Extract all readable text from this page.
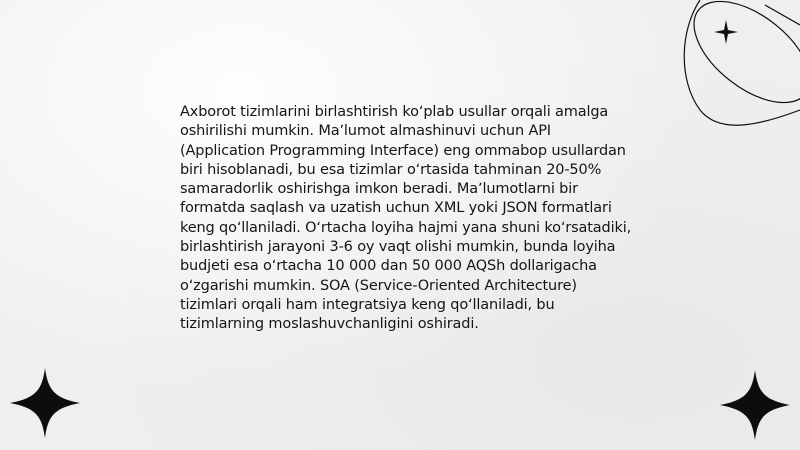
Axborot tizimlarini birlashtirish koʻplab usullar orqali amalga oshirilishi mumkin. Maʼlumot almashinuvi uchun API (Application Programming Interface) eng ommabop usullardan biri hisoblanadi, bu esa tizimlar oʻrtasida tahminan 20-50% samaradorlik oshirishga imkon beradi. Maʼlumotlarni bir formatda saqlash va uzatish uchun XML yoki JSON formatlari keng qoʻllaniladi. Oʻrtacha loyiha hajmi yana shuni koʻrsatadiki, birlashtirish jarayoni 3-6 oy vaqt olishi mumkin, bunda loyiha budjeti esa oʻrtacha 10 000 dan 50 000 AQSh dollarigacha oʻzgarishi mumkin. SOA (Service-Oriented Architecture) tizimlari orqali ham integratsiya keng qoʻllaniladi, bu tizimlarning moslashuvchanligini oshiradi.
